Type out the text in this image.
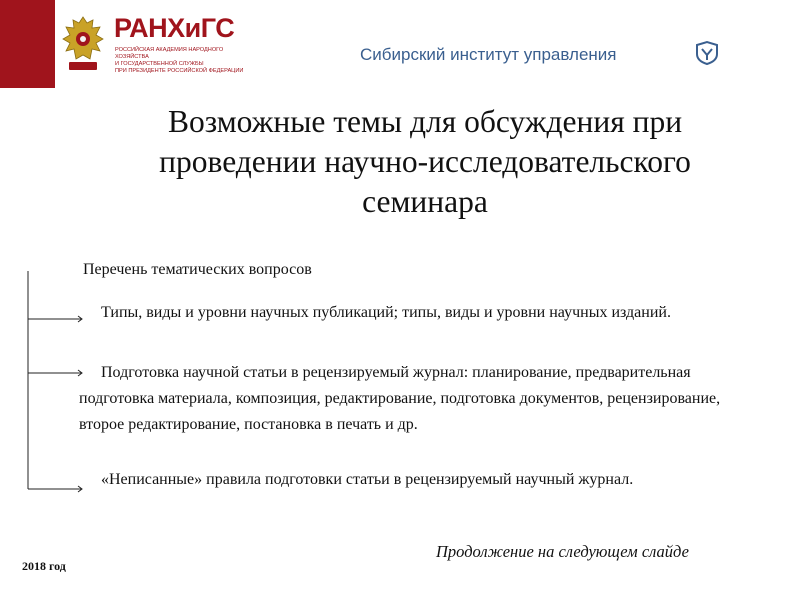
РАНХиГС
РОССИЙСКАЯ АКАДЕМИЯ НАРОДНОГО ХОЗЯЙСТВА
И ГОСУДАРСТВЕННОЙ СЛУЖБЫ
ПРИ ПРЕЗИДЕНТЕ РОССИЙСКОЙ ФЕДЕРАЦИИ
Сибирский институт управления
Возможные темы для обсуждения при
проведении научно-исследовательского
семинара
Перечень тематических вопросов

Типы, виды и уровни научных публикаций; типы, виды и уровни научных изданий.

Подготовка научной статьи в рецензируемый журнал: планирование, предварительная подготовка материала, композиция, редактирование, подготовка документов, рецензирование, второе редактирование, постановка в печать и др.

«Неписанные» правила подготовки статьи в рецензируемый научный журнал.

2018 год
Продолжение на следующем слайде
